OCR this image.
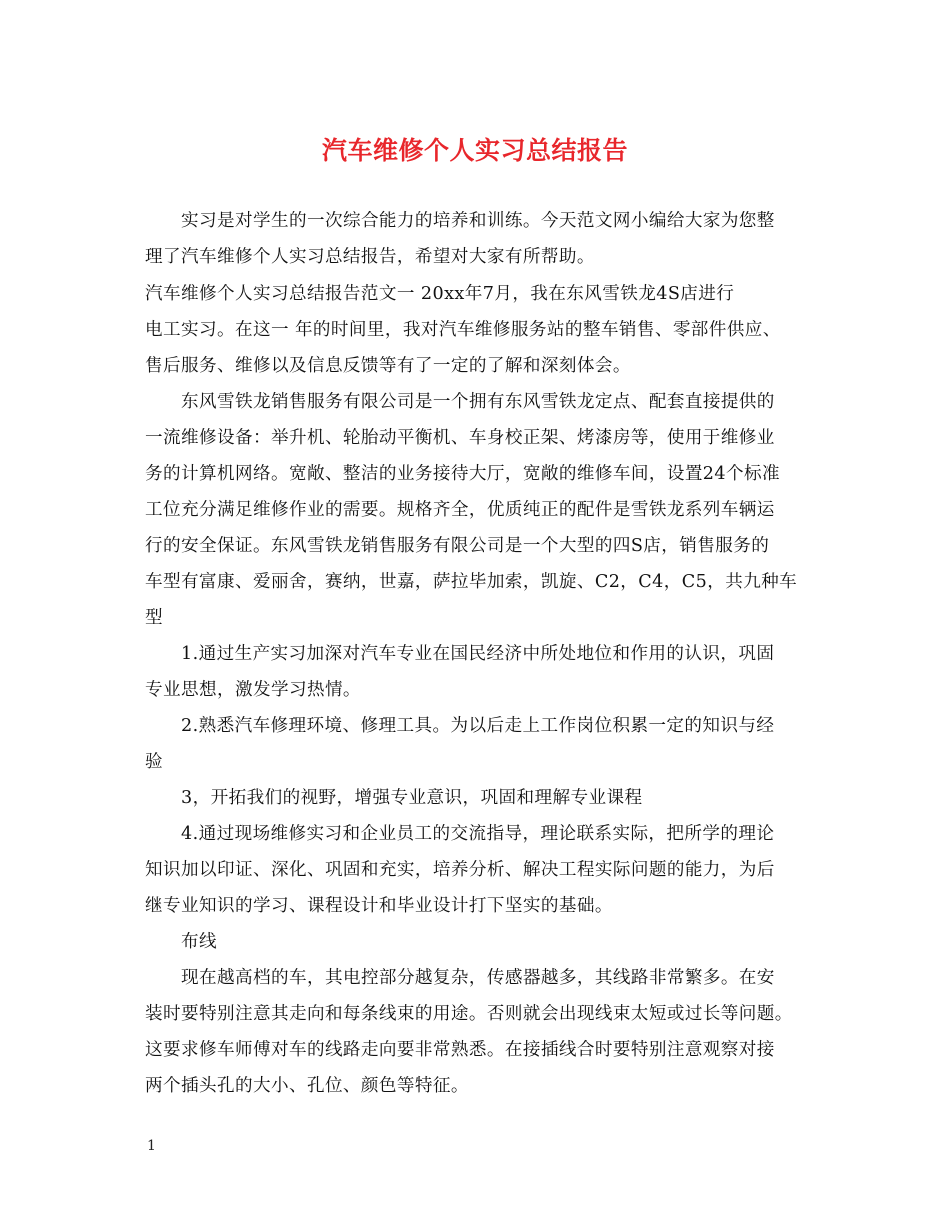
汽车维修个人实习总结报告
实习是对学生的一次综合能力的培养和训练。今天范文网小编给大家为您整
理了汽车维修个人实习总结报告，希望对大家有所帮助。
汽车维修个人实习总结报告范文一 20xx年7月，我在东风雪铁龙4S店进行
电工实习。在这一 年的时间里，我对汽车维修服务站的整车销售、零部件供应、
售后服务、维修以及信息反馈等有了一定的了解和深刻体会。
东风雪铁龙销售服务有限公司是一个拥有东风雪铁龙定点、配套直接提供的
一流维修设备：举升机、轮胎动平衡机、车身校正架、烤漆房等，使用于维修业
务的计算机网络。宽敞、整洁的业务接待大厅，宽敞的维修车间，设置24个标准
工位充分满足维修作业的需要。规格齐全，优质纯正的配件是雪铁龙系列车辆运
行的安全保证。东风雪铁龙销售服务有限公司是一个大型的四S店，销售服务的
车型有富康、爱丽舍，赛纳，世嘉，萨拉毕加索，凯旋、C2，C4，C5，共九种车
型
1.通过生产实习加深对汽车专业在国民经济中所处地位和作用的认识，巩固
专业思想，激发学习热情。
2.熟悉汽车修理环境、修理工具。为以后走上工作岗位积累一定的知识与经
验
3，开拓我们的视野，增强专业意识，巩固和理解专业课程
4.通过现场维修实习和企业员工的交流指导，理论联系实际，把所学的理论
知识加以印证、深化、巩固和充实，培养分析、解决工程实际问题的能力，为后
继专业知识的学习、课程设计和毕业设计打下坚实的基础。
布线
现在越高档的车，其电控部分越复杂，传感器越多，其线路非常繁多。在安
装时要特别注意其走向和每条线束的用途。否则就会出现线束太短或过长等问题。
这要求修车师傅对车的线路走向要非常熟悉。在接插线合时要特别注意观察对接
两个插头孔的大小、孔位、颜色等特征。
1
